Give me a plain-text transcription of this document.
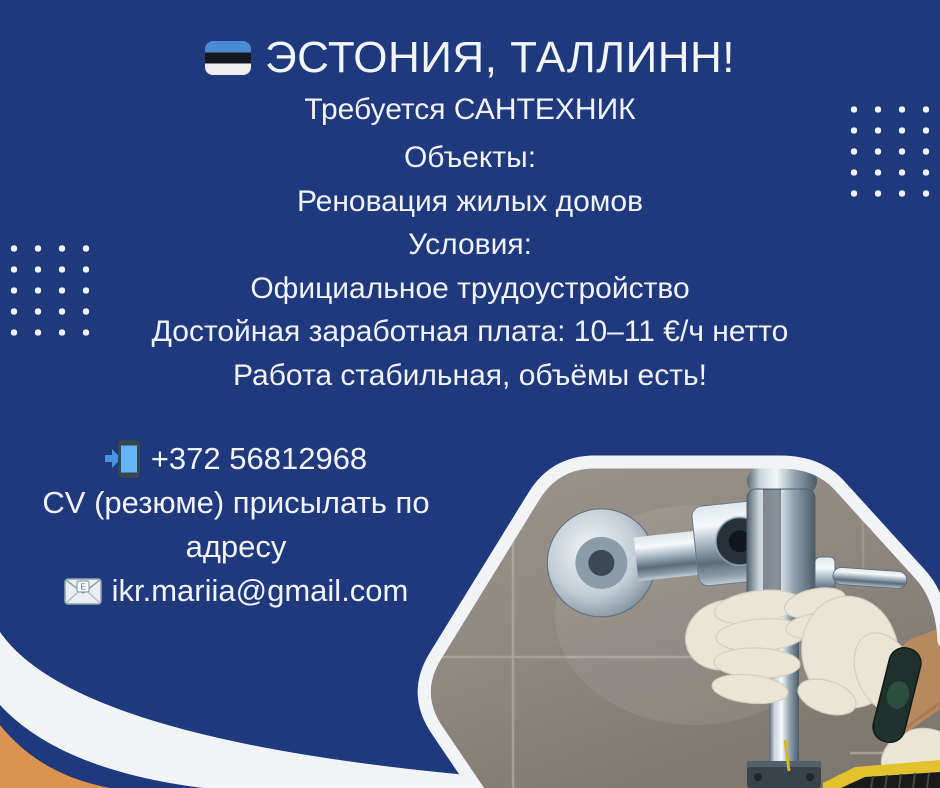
ЭСТОНИЯ, ТАЛЛИНН!
Требуется САНТЕХНИК
Объекты:
Реновация жилых домов
Условия:
Официальное трудоустройство
Достойная заработная плата: 10–11 €/ч нетто
Работа стабильная, объёмы есть!
+372 56812968
CV (резюме) присылать по
адресу
E ikr.mariia@gmail.com
